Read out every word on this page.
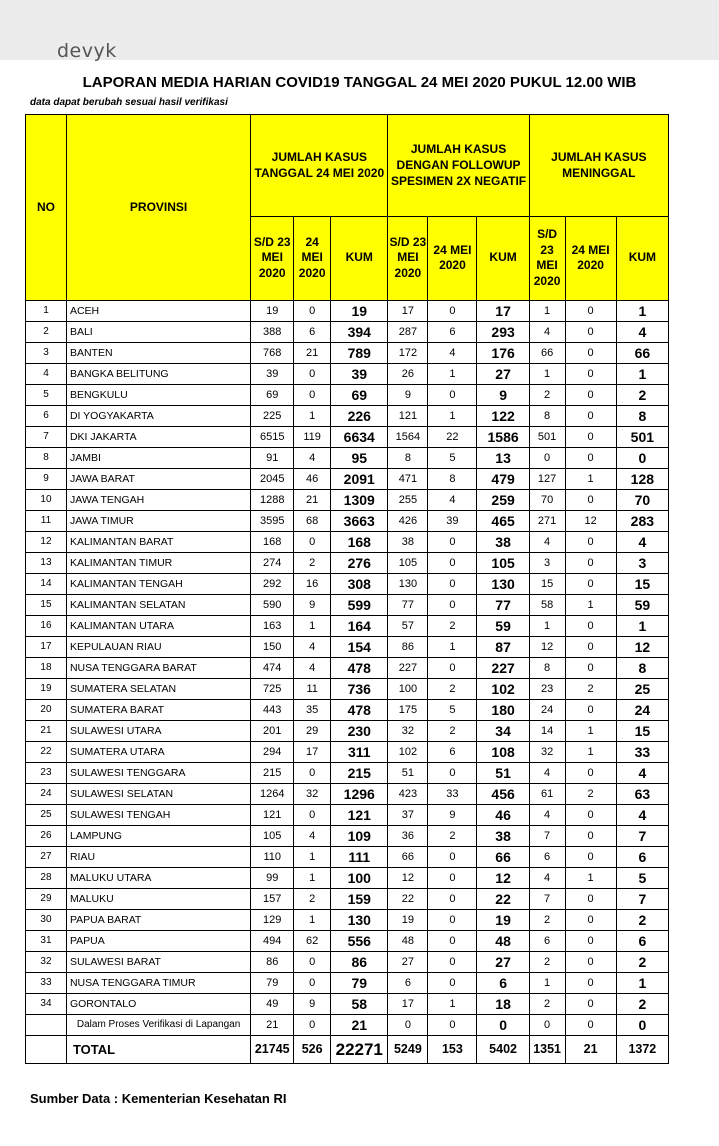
devyk
LAPORAN MEDIA HARIAN COVID19 TANGGAL 24 MEI 2020 PUKUL 12.00 WIB
data dapat berubah sesuai hasil verifikasi
NO	PROVINSI	JUMLAH KASUS TANGGAL 24 MEI 2020			JUMLAH KASUS DENGAN FOLLOWUP SPESIMEN 2X NEGATIF			JUMLAH KASUS MENINGGAL		
		S/D 23 MEI 2020	24 MEI 2020	KUM	S/D 23 MEI 2020	24 MEI 2020	KUM	S/D 23 MEI 2020	24 MEI 2020	KUM
1	ACEH	19	0	19	17	0	17	1	0	1
2	BALI	388	6	394	287	6	293	4	0	4
3	BANTEN	768	21	789	172	4	176	66	0	66
4	BANGKA BELITUNG	39	0	39	26	1	27	1	0	1
5	BENGKULU	69	0	69	9	0	9	2	0	2
6	DI YOGYAKARTA	225	1	226	121	1	122	8	0	8
7	DKI JAKARTA	6515	119	6634	1564	22	1586	501	0	501
8	JAMBI	91	4	95	8	5	13	0	0	0
9	JAWA BARAT	2045	46	2091	471	8	479	127	1	128
10	JAWA TENGAH	1288	21	1309	255	4	259	70	0	70
11	JAWA TIMUR	3595	68	3663	426	39	465	271	12	283
12	KALIMANTAN BARAT	168	0	168	38	0	38	4	0	4
13	KALIMANTAN TIMUR	274	2	276	105	0	105	3	0	3
14	KALIMANTAN TENGAH	292	16	308	130	0	130	15	0	15
15	KALIMANTAN SELATAN	590	9	599	77	0	77	58	1	59
16	KALIMANTAN UTARA	163	1	164	57	2	59	1	0	1
17	KEPULAUAN RIAU	150	4	154	86	1	87	12	0	12
18	NUSA TENGGARA BARAT	474	4	478	227	0	227	8	0	8
19	SUMATERA SELATAN	725	11	736	100	2	102	23	2	25
20	SUMATERA BARAT	443	35	478	175	5	180	24	0	24
21	SULAWESI UTARA	201	29	230	32	2	34	14	1	15
22	SUMATERA UTARA	294	17	311	102	6	108	32	1	33
23	SULAWESI TENGGARA	215	0	215	51	0	51	4	0	4
24	SULAWESI SELATAN	1264	32	1296	423	33	456	61	2	63
25	SULAWESI TENGAH	121	0	121	37	9	46	4	0	4
26	LAMPUNG	105	4	109	36	2	38	7	0	7
27	RIAU	110	1	111	66	0	66	6	0	6
28	MALUKU UTARA	99	1	100	12	0	12	4	1	5
29	MALUKU	157	2	159	22	0	22	7	0	7
30	PAPUA BARAT	129	1	130	19	0	19	2	0	2
31	PAPUA	494	62	556	48	0	48	6	0	6
32	SULAWESI BARAT	86	0	86	27	0	27	2	0	2
33	NUSA TENGGARA TIMUR	79	0	79	6	0	6	1	0	1
34	GORONTALO	49	9	58	17	1	18	2	0	2
	Dalam Proses Verifikasi di Lapangan	21	0	21	0	0	0	0	0	0
	TOTAL	21745	526	22271	5249	153	5402	1351	21	1372
Sumber Data : Kementerian Kesehatan RI
